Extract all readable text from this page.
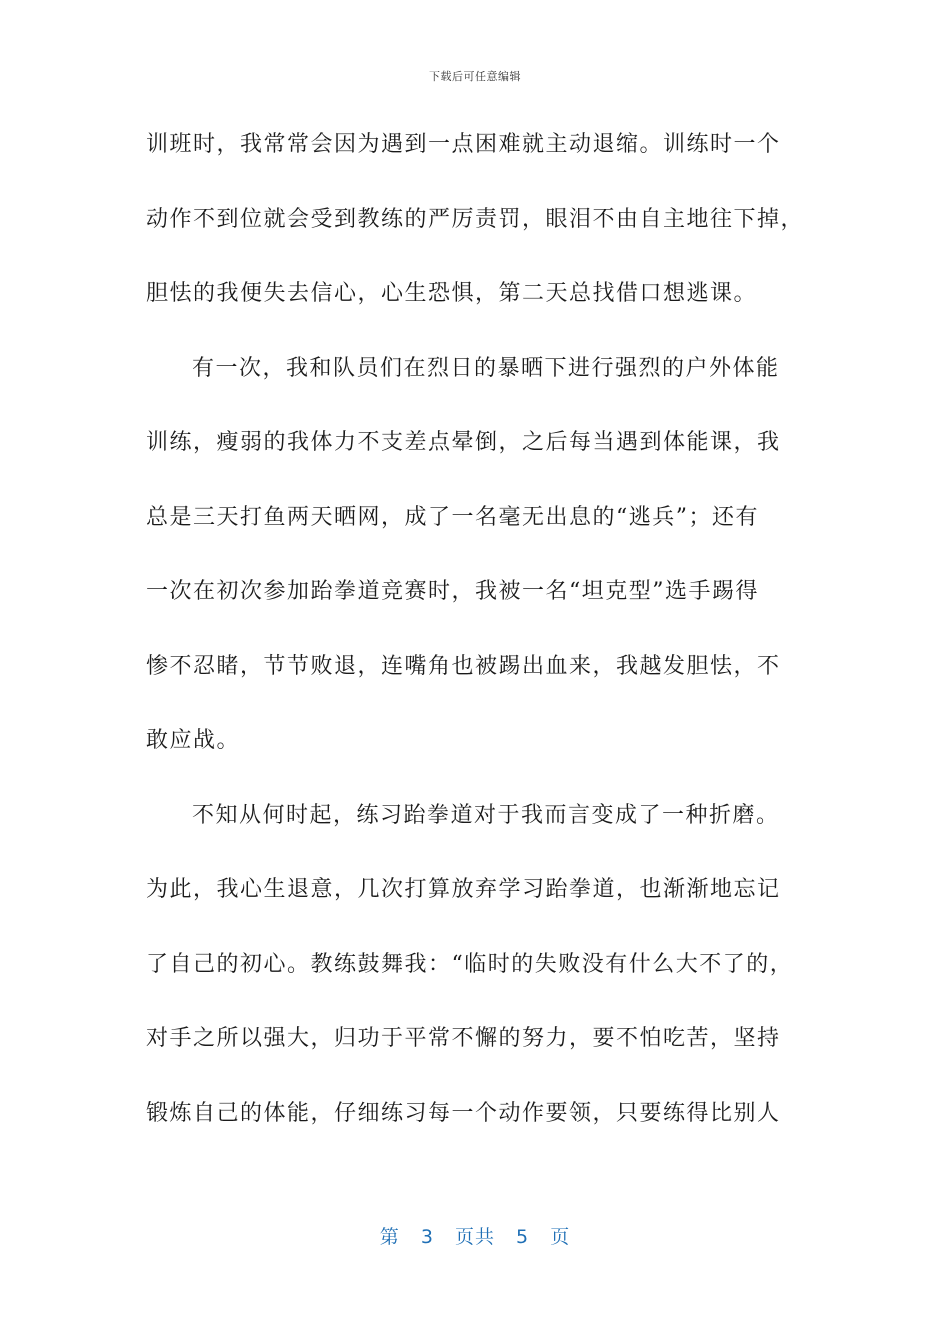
下载后可任意编辑
训班时，我常常会因为遇到一点困难就主动退缩。训练时一个
动作不到位就会受到教练的严厉责罚，眼泪不由自主地往下掉，
胆怯的我便失去信心，心生恐惧，第二天总找借口想逃课。
有一次，我和队员们在烈日的暴晒下进行强烈的户外体能
训练，瘦弱的我体力不支差点晕倒，之后每当遇到体能课，我
总是三天打鱼两天晒网，成了一名毫无出息的“逃兵”；还有
一次在初次参加跆拳道竞赛时，我被一名“坦克型”选手踢得
惨不忍睹，节节败退，连嘴角也被踢出血来，我越发胆怯，不
敢应战。
不知从何时起，练习跆拳道对于我而言变成了一种折磨。
为此，我心生退意，几次打算放弃学习跆拳道，也渐渐地忘记
了自己的初心。教练鼓舞我：“临时的失败没有什么大不了的，
对手之所以强大，归功于平常不懈的努力，要不怕吃苦，坚持
锻炼自己的体能，仔细练习每一个动作要领，只要练得比别人
第 3 页共 5 页
